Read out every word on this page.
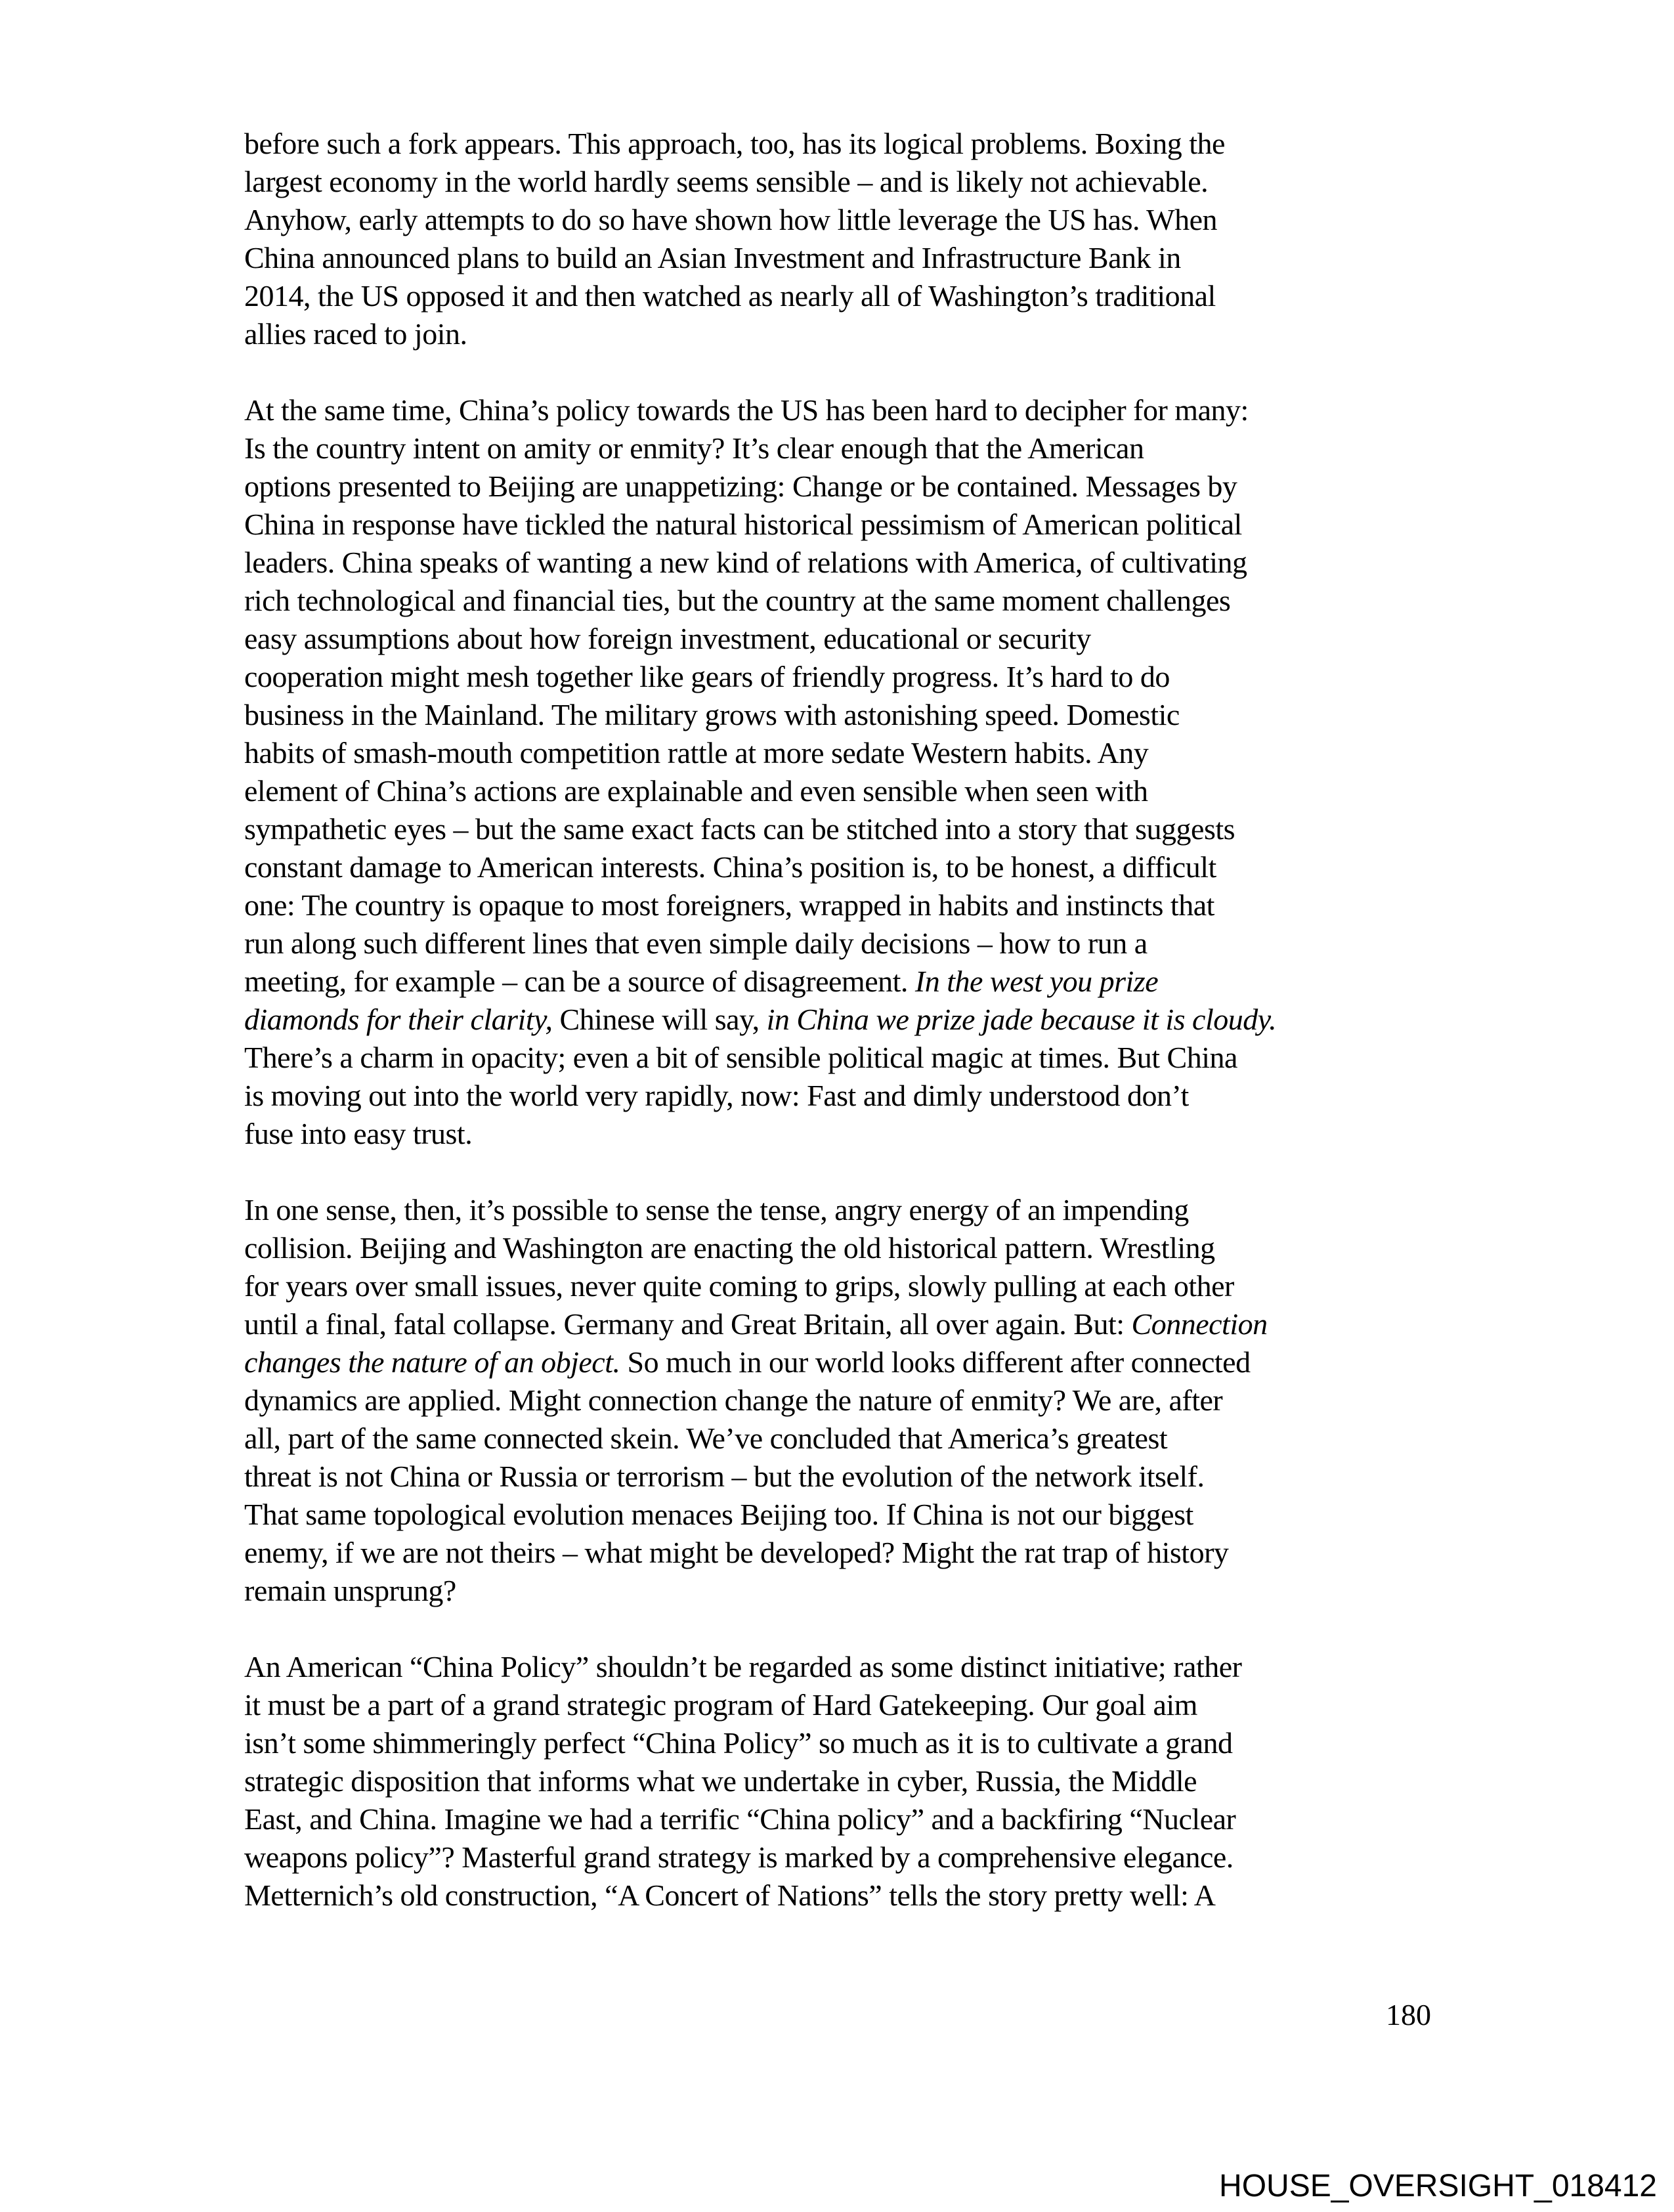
before such a fork appears. This approach, too, has its logical problems. Boxing the
largest economy in the world hardly seems sensible – and is likely not achievable.
Anyhow, early attempts to do so have shown how little leverage the US has. When
China announced plans to build an Asian Investment and Infrastructure Bank in
2014, the US opposed it and then watched as nearly all of Washington’s traditional
allies raced to join.
At the same time, China’s policy towards the US has been hard to decipher for many:
Is the country intent on amity or enmity? It’s clear enough that the American
options presented to Beijing are unappetizing: Change or be contained. Messages by
China in response have tickled the natural historical pessimism of American political
leaders. China speaks of wanting a new kind of relations with America, of cultivating
rich technological and financial ties, but the country at the same moment challenges
easy assumptions about how foreign investment, educational or security
cooperation might mesh together like gears of friendly progress. It’s hard to do
business in the Mainland. The military grows with astonishing speed. Domestic
habits of smash-mouth competition rattle at more sedate Western habits. Any
element of China’s actions are explainable and even sensible when seen with
sympathetic eyes – but the same exact facts can be stitched into a story that suggests
constant damage to American interests. China’s position is, to be honest, a difficult
one: The country is opaque to most foreigners, wrapped in habits and instincts that
run along such different lines that even simple daily decisions – how to run a
meeting, for example – can be a source of disagreement. In the west you prize
diamonds for their clarity, Chinese will say, in China we prize jade because it is cloudy.
There’s a charm in opacity; even a bit of sensible political magic at times. But China
is moving out into the world very rapidly, now: Fast and dimly understood don’t
fuse into easy trust.
In one sense, then, it’s possible to sense the tense, angry energy of an impending
collision. Beijing and Washington are enacting the old historical pattern. Wrestling
for years over small issues, never quite coming to grips, slowly pulling at each other
until a final, fatal collapse. Germany and Great Britain, all over again. But: Connection
changes the nature of an object. So much in our world looks different after connected
dynamics are applied. Might connection change the nature of enmity? We are, after
all, part of the same connected skein. We’ve concluded that America’s greatest
threat is not China or Russia or terrorism – but the evolution of the network itself.
That same topological evolution menaces Beijing too. If China is not our biggest
enemy, if we are not theirs – what might be developed? Might the rat trap of history
remain unsprung?
An American “China Policy” shouldn’t be regarded as some distinct initiative; rather
it must be a part of a grand strategic program of Hard Gatekeeping. Our goal aim
isn’t some shimmeringly perfect “China Policy” so much as it is to cultivate a grand
strategic disposition that informs what we undertake in cyber, Russia, the Middle
East, and China. Imagine we had a terrific “China policy” and a backfiring “Nuclear
weapons policy”? Masterful grand strategy is marked by a comprehensive elegance.
Metternich’s old construction, “A Concert of Nations” tells the story pretty well: A
180
HOUSE_OVERSIGHT_018412
